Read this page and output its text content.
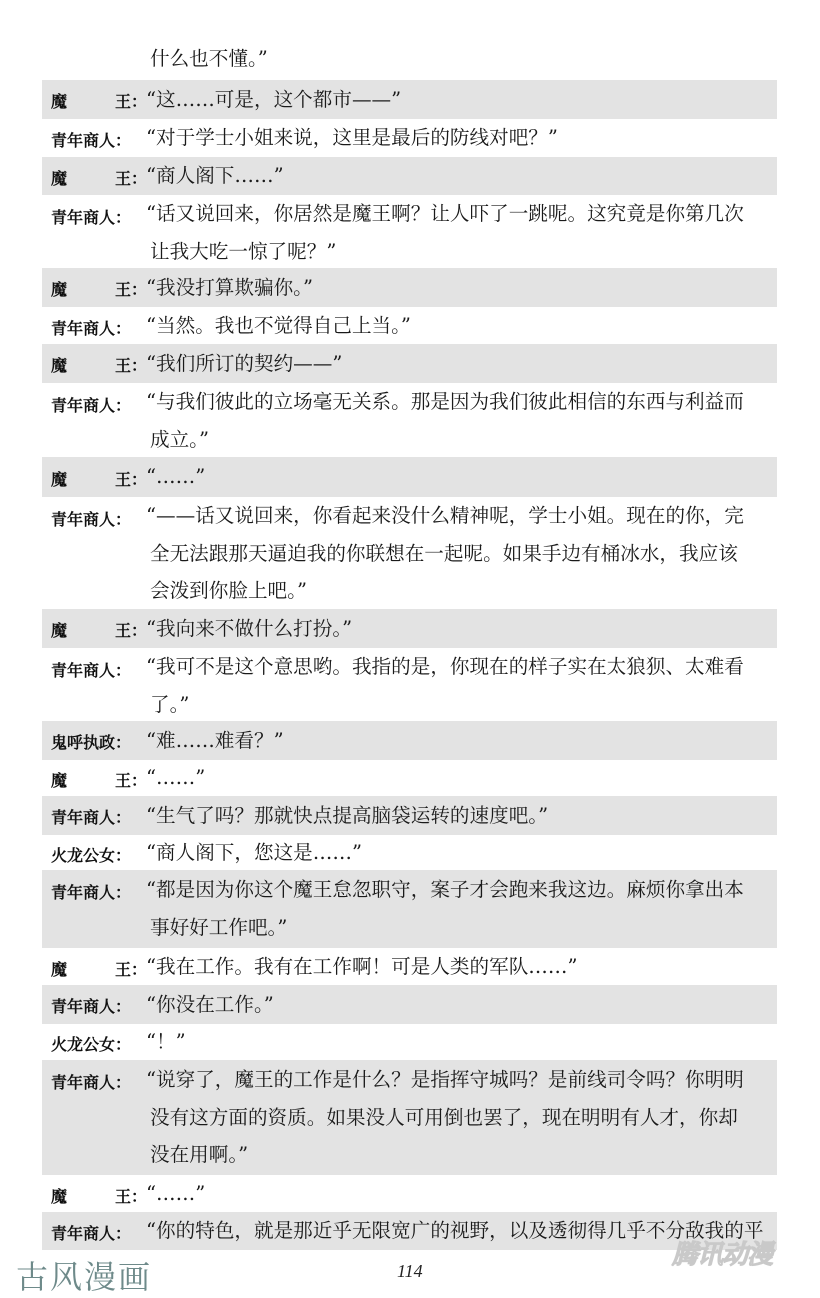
什么也不懂。”
魔	王： “这……可是，这个都市——”
青年商人： “对于学士小姐来说，这里是最后的防线对吧？”
魔	王： “商人阁下……”
青年商人： “话又说回来，你居然是魔王啊？让人吓了一跳呢。这究竟是你第几次
让我大吃一惊了呢？”
魔	王： “我没打算欺骗你。”
青年商人： “当然。我也不觉得自己上当。”
魔	王： “我们所订的契约——”
青年商人： “与我们彼此的立场毫无关系。那是因为我们彼此相信的东西与利益而
成立。”
魔	王： “……”
青年商人： “——话又说回来，你看起来没什么精神呢，学士小姐。现在的你，完
全无法跟那天逼迫我的你联想在一起呢。如果手边有桶冰水，我应该
会泼到你脸上吧。”
魔	王： “我向来不做什么打扮。”
青年商人： “我可不是这个意思哟。我指的是，你现在的样子实在太狼狈、太难看
了。”
鬼呼执政： “难……难看？”
魔	王： “……”
青年商人： “生气了吗？那就快点提高脑袋运转的速度吧。”
火龙公女： “商人阁下，您这是……”
青年商人： “都是因为你这个魔王怠忽职守，案子才会跑来我这边。麻烦你拿出本
事好好工作吧。”
魔	王： “我在工作。我有在工作啊！可是人类的军队……”
青年商人： “你没在工作。”
火龙公女： “！”
青年商人： “说穿了，魔王的工作是什么？是指挥守城吗？是前线司令吗？你明明
没有这方面的资质。如果没人可用倒也罢了，现在明明有人才，你却
没在用啊。”
魔	王： “……”
青年商人： “你的特色，就是那近乎无限宽广的视野，以及透彻得几乎不分敌我的平
古风漫画	114
腾讯动漫
